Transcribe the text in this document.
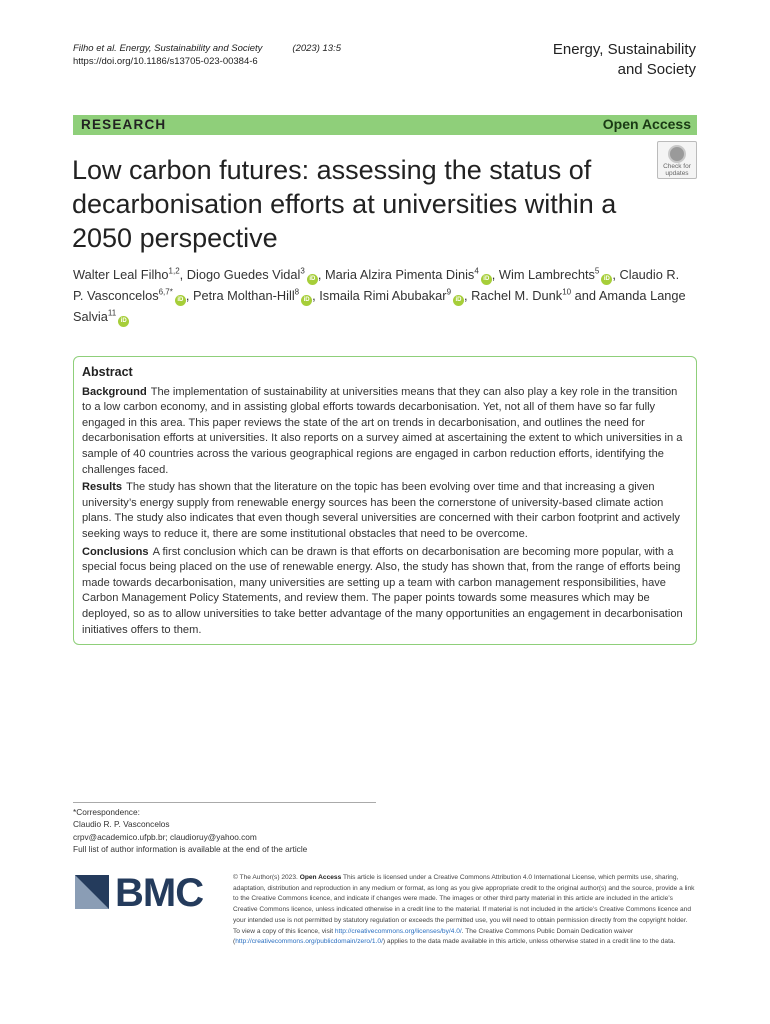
Filho et al. Energy, Sustainability and Society	(2023) 13:5
https://doi.org/10.1186/s13705-023-00384-6
Energy, Sustainability
and Society
RESEARCH	Open Access
Low carbon futures: assessing the status of decarbonisation efforts at universities within a 2050 perspective
Check for
updates
Walter Leal Filho$^{1,2}$, Diogo Guedes Vidal$^3$iD , Maria Alzira Pimenta Dinis$^4$iD , Wim Lambrechts$^5$iD , Claudio R. P. Vasconcelos$^{6,7*}$iD , Petra Molthan-Hill$^8$iD , Ismaila Rimi Abubakar$^9$iD , Rachel M. Dunk$^{10}$ and Amanda Lange Salvia$^{11}$iD
Abstract

Background The implementation of sustainability at universities means that they can also play a key role in the transition to a low carbon economy, and in assisting global efforts towards decarbonisation. Yet, not all of them have so far fully engaged in this area. This paper reviews the state of the art on trends in decarbonisation, and outlines the need for decarbonisation efforts at universities. It also reports on a survey aimed at ascertaining the extent to which universities in a sample of 40 countries across the various geographical regions are engaged in carbon reduction efforts, identifying the challenges faced.

Results The study has shown that the literature on the topic has been evolving over time and that increasing a given university’s energy supply from renewable energy sources has been the cornerstone of university-based climate action plans. The study also indicates that even though several universities are concerned with their carbon footprint and actively seeking ways to reduce it, there are some institutional obstacles that need to be overcome.

Conclusions A first conclusion which can be drawn is that efforts on decarbonisation are becoming more popular, with a special focus being placed on the use of renewable energy. Also, the study has shown that, from the range of efforts being made towards decarbonisation, many universities are setting up a team with carbon management responsibilities, have Carbon Management Policy Statements, and review them. The paper points towards some measures which may be deployed, so as to allow universities to take better advantage of the many opportunities an engagement in decarbonisation initiatives offers to them.

*Correspondence:
Claudio R. P. Vasconcelos
crpv@academico.ufpb.br; claudioruy@yahoo.com
Full list of author information is available at the end of the article
BMC	© The Author(s) 2023. Open Access This article is licensed under a Creative Commons Attribution 4.0 International License, which permits use, sharing, adaptation, distribution and reproduction in any medium or format, as long as you give appropriate credit to the original author(s) and the source, provide a link to the Creative Commons licence, and indicate if changes were made. The images or other third party material in this article are included in the article’s Creative Commons licence, unless indicated otherwise in a credit line to the material. If material is not included in the article’s Creative Commons licence and your intended use is not permitted by statutory regulation or exceeds the permitted use, you will need to obtain permission directly from the copyright holder. To view a copy of this licence, visit http://creativecommons.org/licenses/by/4.0/. The Creative Commons Public Domain Dedication waiver (http://creativecommons.org/publicdomain/zero/1.0/) applies to the data made available in this article, unless otherwise stated in a credit line to the data.
